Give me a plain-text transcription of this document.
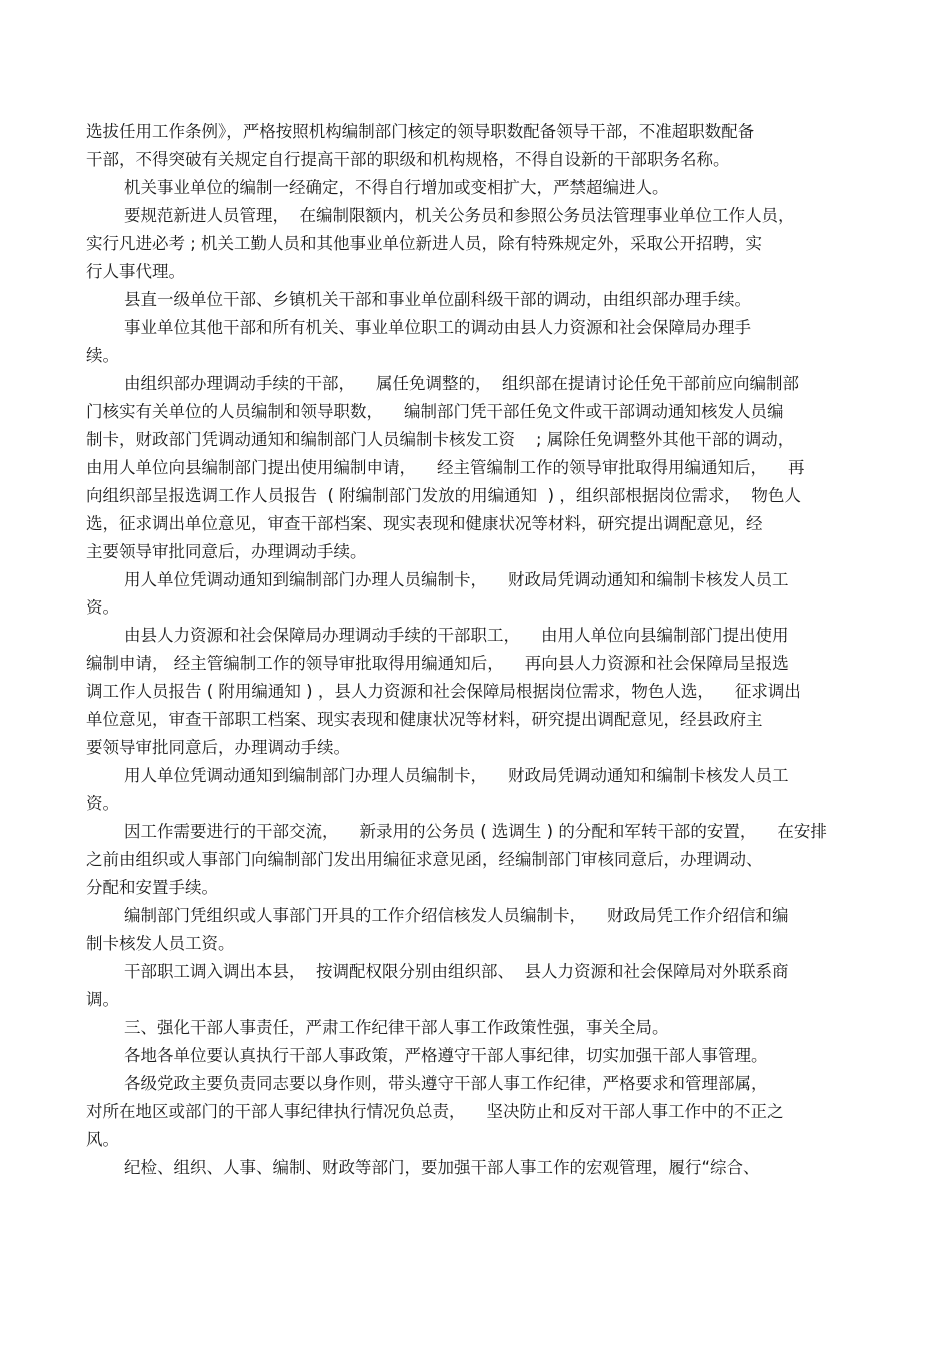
选拔任用工作条例》，严格按照机构编制部门核定的领导职数配备领导干部，不准超职数配备
干部，不得突破有关规定自行提高干部的职级和机构规格，不得自设新的干部职务名称。
机关事业单位的编制一经确定，不得自行增加或变相扩大，严禁超编进人。
要规范新进人员管理，  在编制限额内，机关公务员和参照公务员法管理事业单位工作人员，
实行凡进必考 ; 机关工勤人员和其他事业单位新进人员，除有特殊规定外，采取公开招聘，实
行人事代理。
县直一级单位干部、乡镇机关干部和事业单位副科级干部的调动，由组织部办理手续。
事业单位其他干部和所有机关、事业单位职工的调动由县人力资源和社会保障局办理手
续。
由组织部办理调动手续的干部，    属任免调整的，  组织部在提请讨论任免干部前应向编制部
门核实有关单位的人员编制和领导职数，    编制部门凭干部任免文件或干部调动通知核发人员编
制卡，财政部门凭调动通知和编制部门人员编制卡核发工资    ; 属除任免调整外其他干部的调动，
由用人单位向县编制部门提出使用编制申请，    经主管编制工作的领导审批取得用编通知后，    再
向组织部呈报选调工作人员报告  ( 附编制部门发放的用编通知  ) ，组织部根据岗位需求，  物色人
选，征求调出单位意见，审查干部档案、现实表现和健康状况等材料，研究提出调配意见，经
主要领导审批同意后，办理调动手续。
用人单位凭调动通知到编制部门办理人员编制卡，    财政局凭调动通知和编制卡核发人员工
资。
由县人力资源和社会保障局办理调动手续的干部职工，    由用人单位向县编制部门提出使用
编制申请， 经主管编制工作的领导审批取得用编通知后，    再向县人力资源和社会保障局呈报选
调工作人员报告 ( 附用编通知 ) ，县人力资源和社会保障局根据岗位需求，物色人选，    征求调出
单位意见，审查干部职工档案、现实表现和健康状况等材料，研究提出调配意见，经县政府主
要领导审批同意后，办理调动手续。
用人单位凭调动通知到编制部门办理人员编制卡，    财政局凭调动通知和编制卡核发人员工
资。
因工作需要进行的干部交流，    新录用的公务员 ( 选调生 ) 的分配和军转干部的安置，    在安排
之前由组织或人事部门向编制部门发出用编征求意见函，经编制部门审核同意后，办理调动、
分配和安置手续。
编制部门凭组织或人事部门开具的工作介绍信核发人员编制卡，    财政局凭工作介绍信和编
制卡核发人员工资。
干部职工调入调出本县，  按调配权限分别由组织部、  县人力资源和社会保障局对外联系商
调。
三、强化干部人事责任，严肃工作纪律干部人事工作政策性强，事关全局。
各地各单位要认真执行干部人事政策，严格遵守干部人事纪律，切实加强干部人事管理。
各级党政主要负责同志要以身作则，带头遵守干部人事工作纪律，严格要求和管理部属，
对所在地区或部门的干部人事纪律执行情况负总责，    坚决防止和反对干部人事工作中的不正之
风。
纪检、组织、人事、编制、财政等部门，要加强干部人事工作的宏观管理，履行“综合、
